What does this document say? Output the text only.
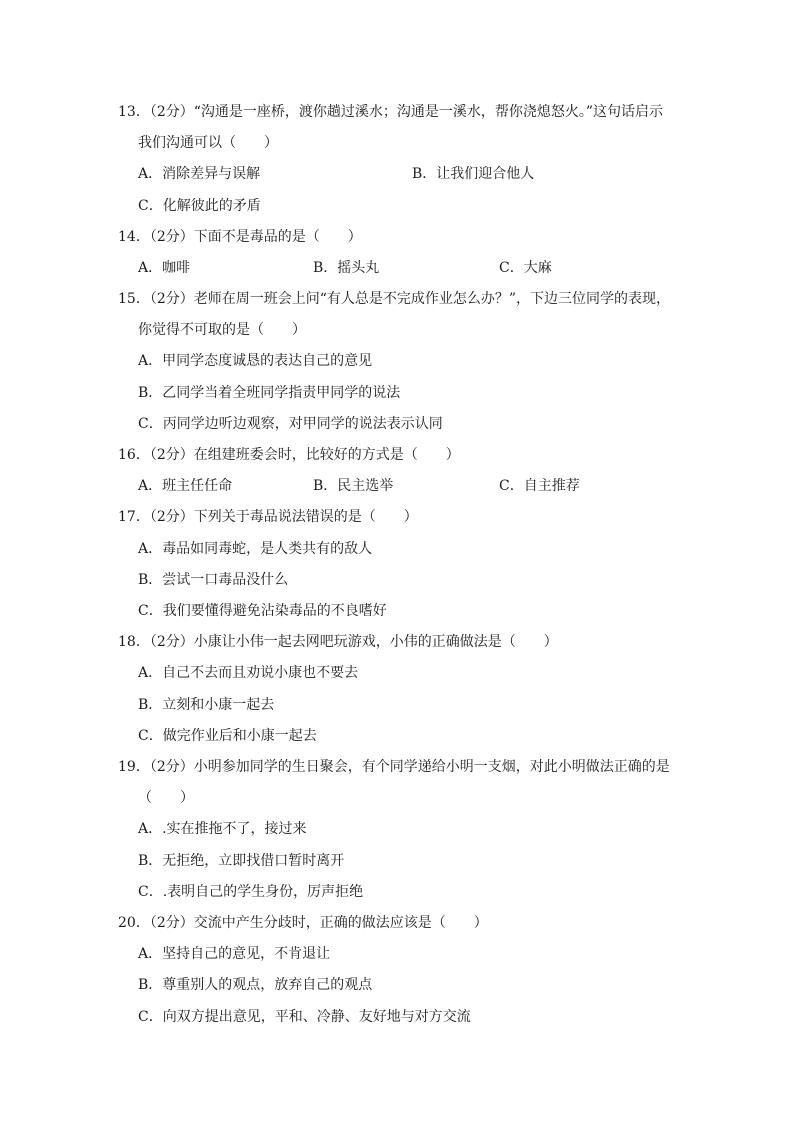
13．（2分）“沟通是一座桥，渡你趟过溪水；沟通是一溪水，帮你浇熄怒火。”这句话启示
我们沟通可以（　　）
A．消除差异与误解	B．让我们迎合他人
C．化解彼此的矛盾
14．（2分）下面不是毒品的是（　　）
A．咖啡	B．摇头丸	C．大麻
15．（2分）老师在周一班会上问“有人总是不完成作业怎么办？”，下边三位同学的表现，
你觉得不可取的是（　　）
A．甲同学态度诚恳的表达自己的意见
B．乙同学当着全班同学指责甲同学的说法
C．丙同学边听边观察，对甲同学的说法表示认同
16．（2分）在组建班委会时，比较好的方式是（　　）
A．班主任任命	B．民主选举	C．自主推荐
17．（2分）下列关于毒品说法错误的是（　　）
A．毒品如同毒蛇，是人类共有的敌人
B．尝试一口毒品没什么
C．我们要懂得避免沾染毒品的不良嗜好
18．（2分）小康让小伟一起去网吧玩游戏，小伟的正确做法是（　　）
A．自己不去而且劝说小康也不要去
B．立刻和小康一起去
C．做完作业后和小康一起去
19．（2分）小明参加同学的生日聚会，有个同学递给小明一支烟，对此小明做法正确的是
（　　）
A．.实在推拖不了，接过来
B．无拒绝，立即找借口暂时离开
C．.表明自己的学生身份，厉声拒绝
20．（2分）交流中产生分歧时，正确的做法应该是（　　）
A．坚持自己的意见，不肯退让
B．尊重别人的观点，放弃自己的观点
C．向双方提出意见，平和、冷静、友好地与对方交流
